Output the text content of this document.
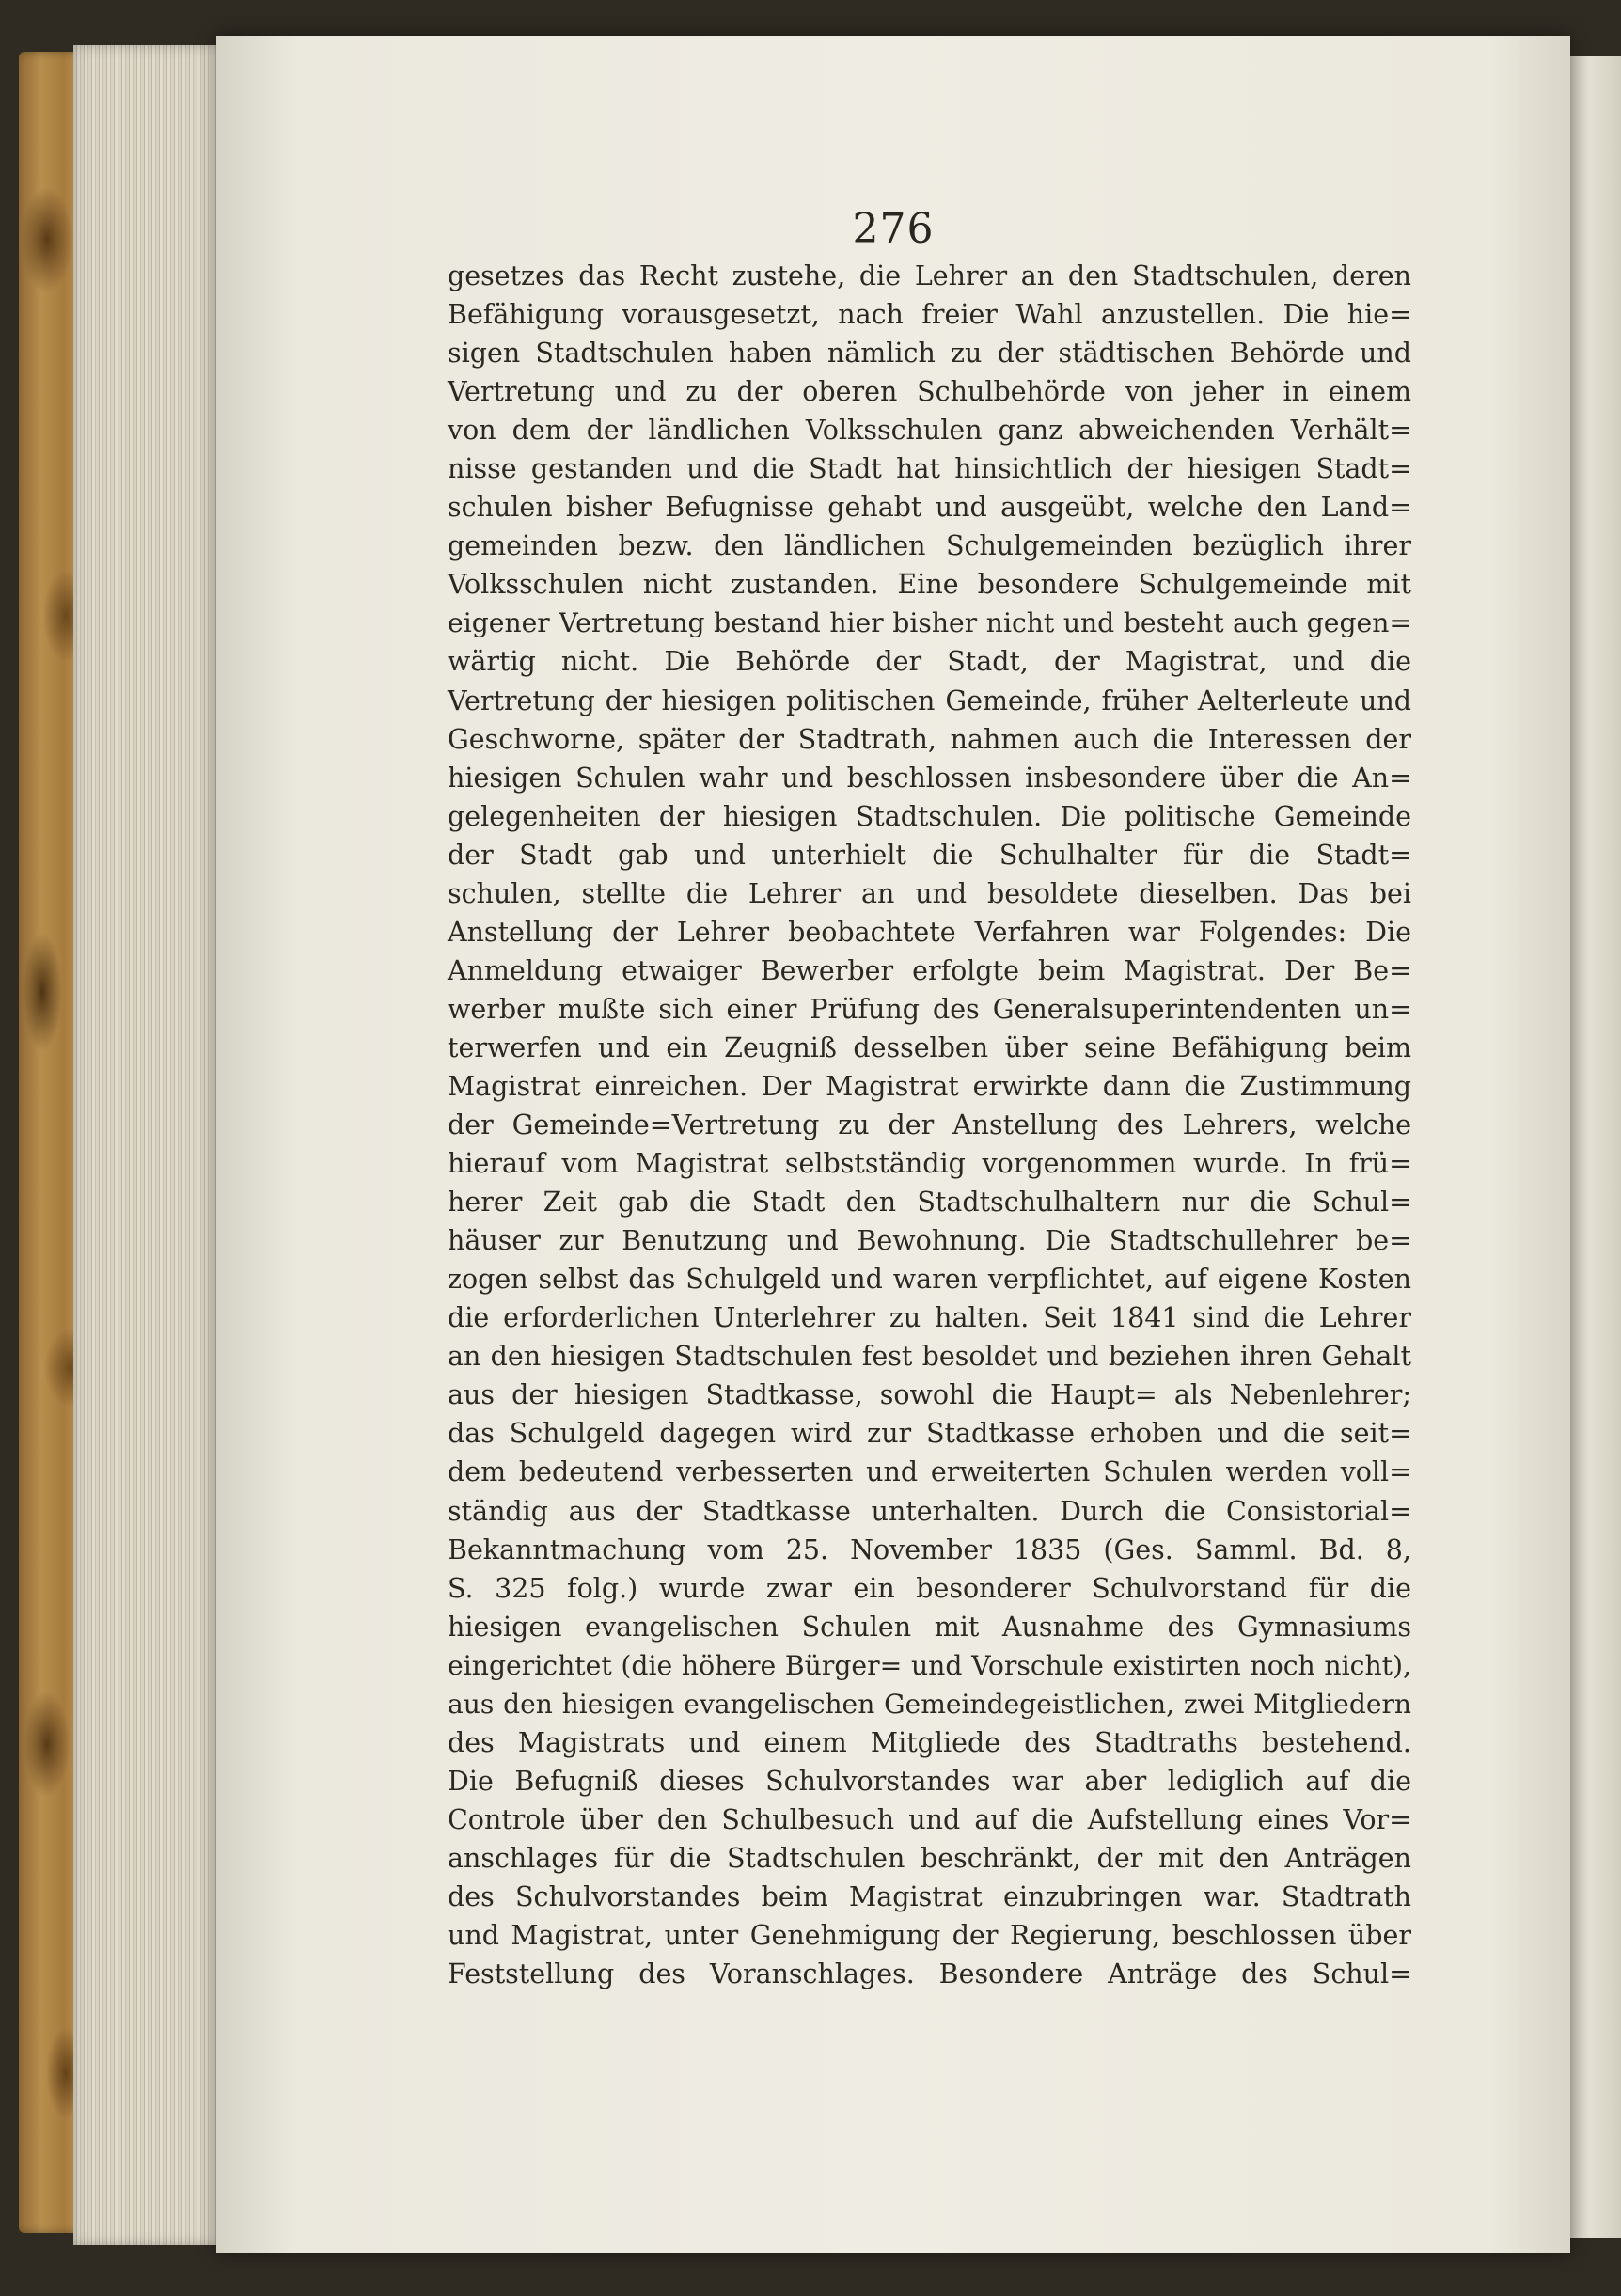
276
gesetzes das Recht zustehe, die Lehrer an den Stadtschulen, deren
Befähigung vorausgesetzt, nach freier Wahl anzustellen. Die hie=
sigen Stadtschulen haben nämlich zu der städtischen Behörde und
Vertretung und zu der oberen Schulbehörde von jeher in einem
von dem der ländlichen Volksschulen ganz abweichenden Verhält=
nisse gestanden und die Stadt hat hinsichtlich der hiesigen Stadt=
schulen bisher Befugnisse gehabt und ausgeübt, welche den Land=
gemeinden bezw. den ländlichen Schulgemeinden bezüglich ihrer
Volksschulen nicht zustanden. Eine besondere Schulgemeinde mit
eigener Vertretung bestand hier bisher nicht und besteht auch gegen=
wärtig nicht. Die Behörde der Stadt, der Magistrat, und die
Vertretung der hiesigen politischen Gemeinde, früher Aelterleute und
Geschworne, später der Stadtrath, nahmen auch die Interessen der
hiesigen Schulen wahr und beschlossen insbesondere über die An=
gelegenheiten der hiesigen Stadtschulen. Die politische Gemeinde
der Stadt gab und unterhielt die Schulhalter für die Stadt=
schulen, stellte die Lehrer an und besoldete dieselben. Das bei
Anstellung der Lehrer beobachtete Verfahren war Folgendes: Die
Anmeldung etwaiger Bewerber erfolgte beim Magistrat. Der Be=
werber mußte sich einer Prüfung des Generalsuperintendenten un=
terwerfen und ein Zeugniß desselben über seine Befähigung beim
Magistrat einreichen. Der Magistrat erwirkte dann die Zustimmung
der Gemeinde=Vertretung zu der Anstellung des Lehrers, welche
hierauf vom Magistrat selbstständig vorgenommen wurde. In frü=
herer Zeit gab die Stadt den Stadtschulhaltern nur die Schul=
häuser zur Benutzung und Bewohnung. Die Stadtschullehrer be=
zogen selbst das Schulgeld und waren verpflichtet, auf eigene Kosten
die erforderlichen Unterlehrer zu halten. Seit 1841 sind die Lehrer
an den hiesigen Stadtschulen fest besoldet und beziehen ihren Gehalt
aus der hiesigen Stadtkasse, sowohl die Haupt= als Nebenlehrer;
das Schulgeld dagegen wird zur Stadtkasse erhoben und die seit=
dem bedeutend verbesserten und erweiterten Schulen werden voll=
ständig aus der Stadtkasse unterhalten. Durch die Consistorial=
Bekanntmachung vom 25. November 1835 (Ges. Samml. Bd. 8,
S. 325 folg.) wurde zwar ein besonderer Schulvorstand für die
hiesigen evangelischen Schulen mit Ausnahme des Gymnasiums
eingerichtet (die höhere Bürger= und Vorschule existirten noch nicht),
aus den hiesigen evangelischen Gemeindegeistlichen, zwei Mitgliedern
des Magistrats und einem Mitgliede des Stadtraths bestehend.
Die Befugniß dieses Schulvorstandes war aber lediglich auf die
Controle über den Schulbesuch und auf die Aufstellung eines Vor=
anschlages für die Stadtschulen beschränkt, der mit den Anträgen
des Schulvorstandes beim Magistrat einzubringen war. Stadtrath
und Magistrat, unter Genehmigung der Regierung, beschlossen über
Feststellung des Voranschlages. Besondere Anträge des Schul=
